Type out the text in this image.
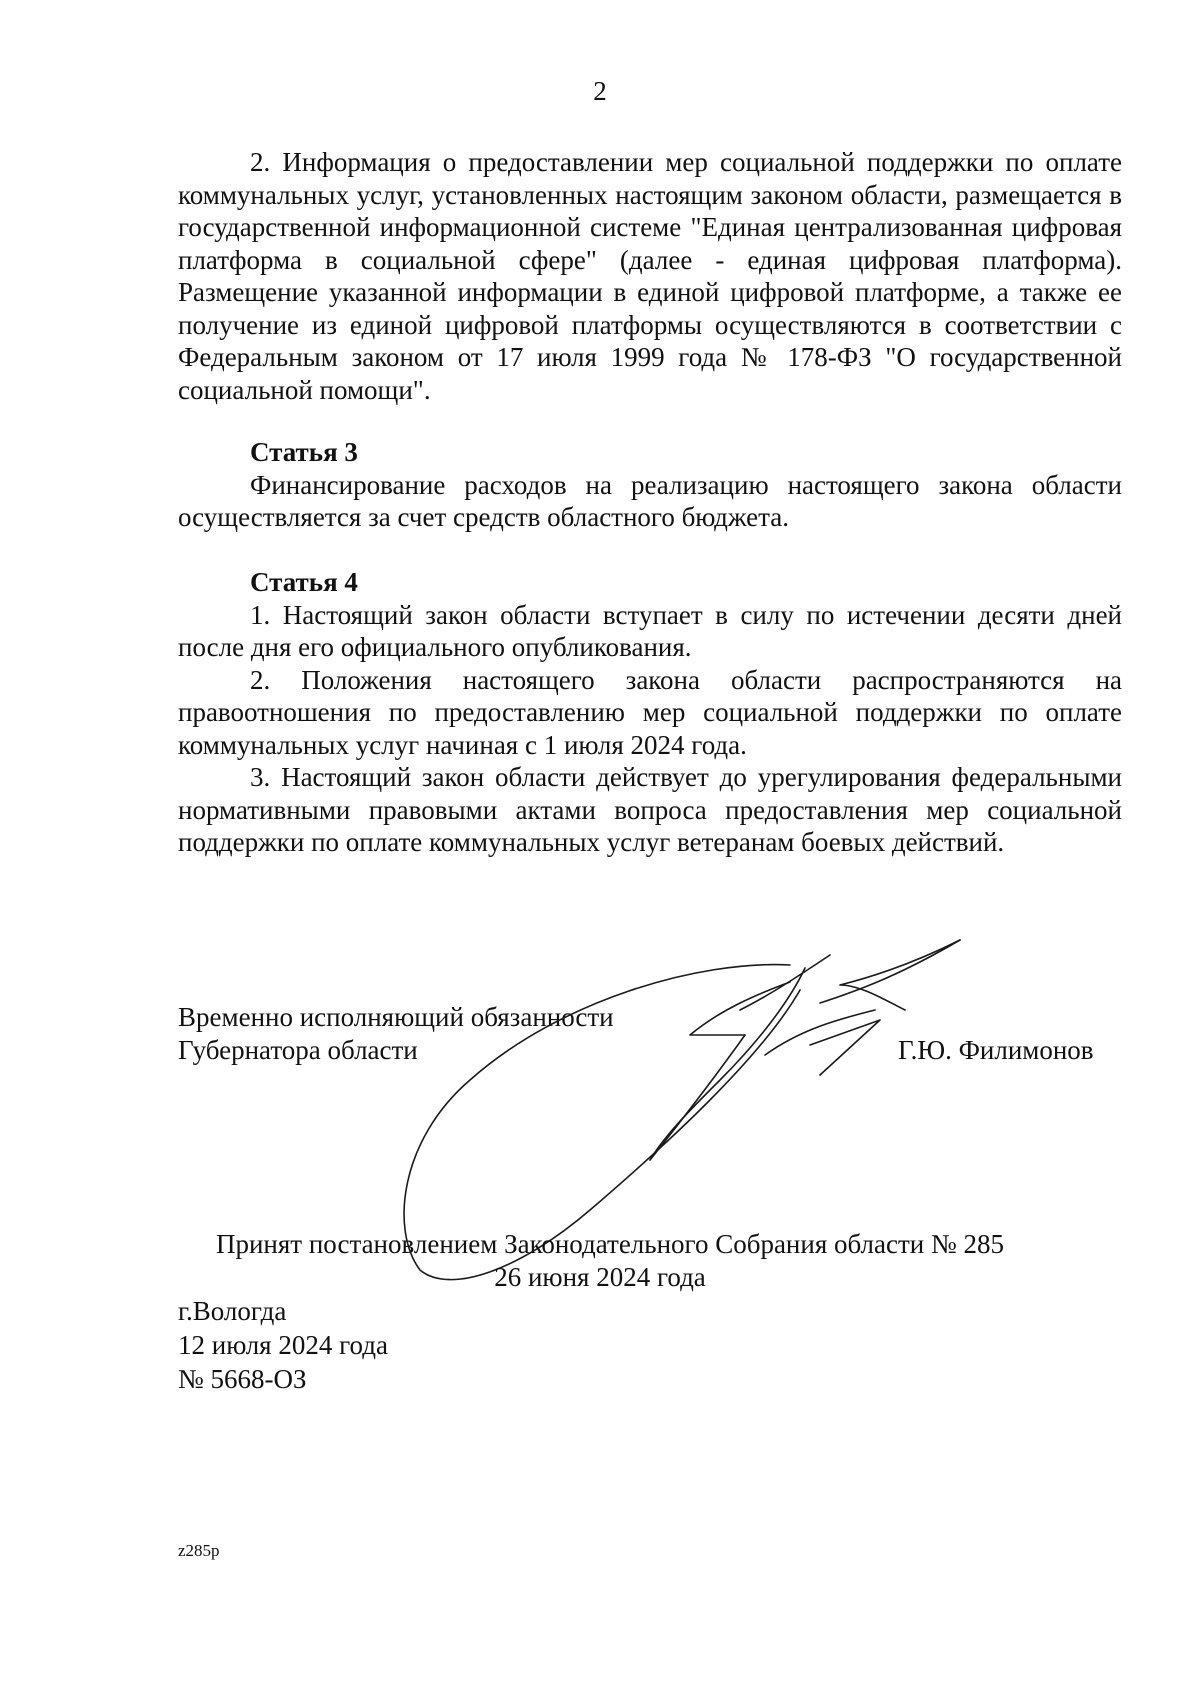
2

2. Информация о предоставлении мер социальной поддержки по оплате коммунальных услуг, установленных настоящим законом области, размещается в государственной информационной системе "Единая централизованная цифровая платформа в социальной сфере" (далее - единая цифровая платформа). Размещение указанной информации в единой цифровой платформе, а также ее получение из единой цифровой платформы осуществляются в соответствии с Федеральным законом от 17 июля 1999 года № 178-ФЗ "О государственной социальной помощи".

Статья 3

Финансирование расходов на реализацию настоящего закона области осуществляется за счет средств областного бюджета.

Статья 4

1. Настоящий закон области вступает в силу по истечении десяти дней после дня его официального опубликования.

2. Положения настоящего закона области распространяются на правоотношения по предоставлению мер социальной поддержки по оплате коммунальных услуг начиная с 1 июля 2024 года.

3. Настоящий закон области действует до урегулирования федеральными нормативными правовыми актами вопроса предоставления мер социальной поддержки по оплате коммунальных услуг ветеранам боевых действий.

Временно исполняющий обязанности
Губернатора области	Г.Ю. Филимонов
Принят постановлением Законодательного Собрания области № 285
26 июня 2024 года
г.Вологда
12 июля 2024 года
№ 5668-ОЗ
z285р
